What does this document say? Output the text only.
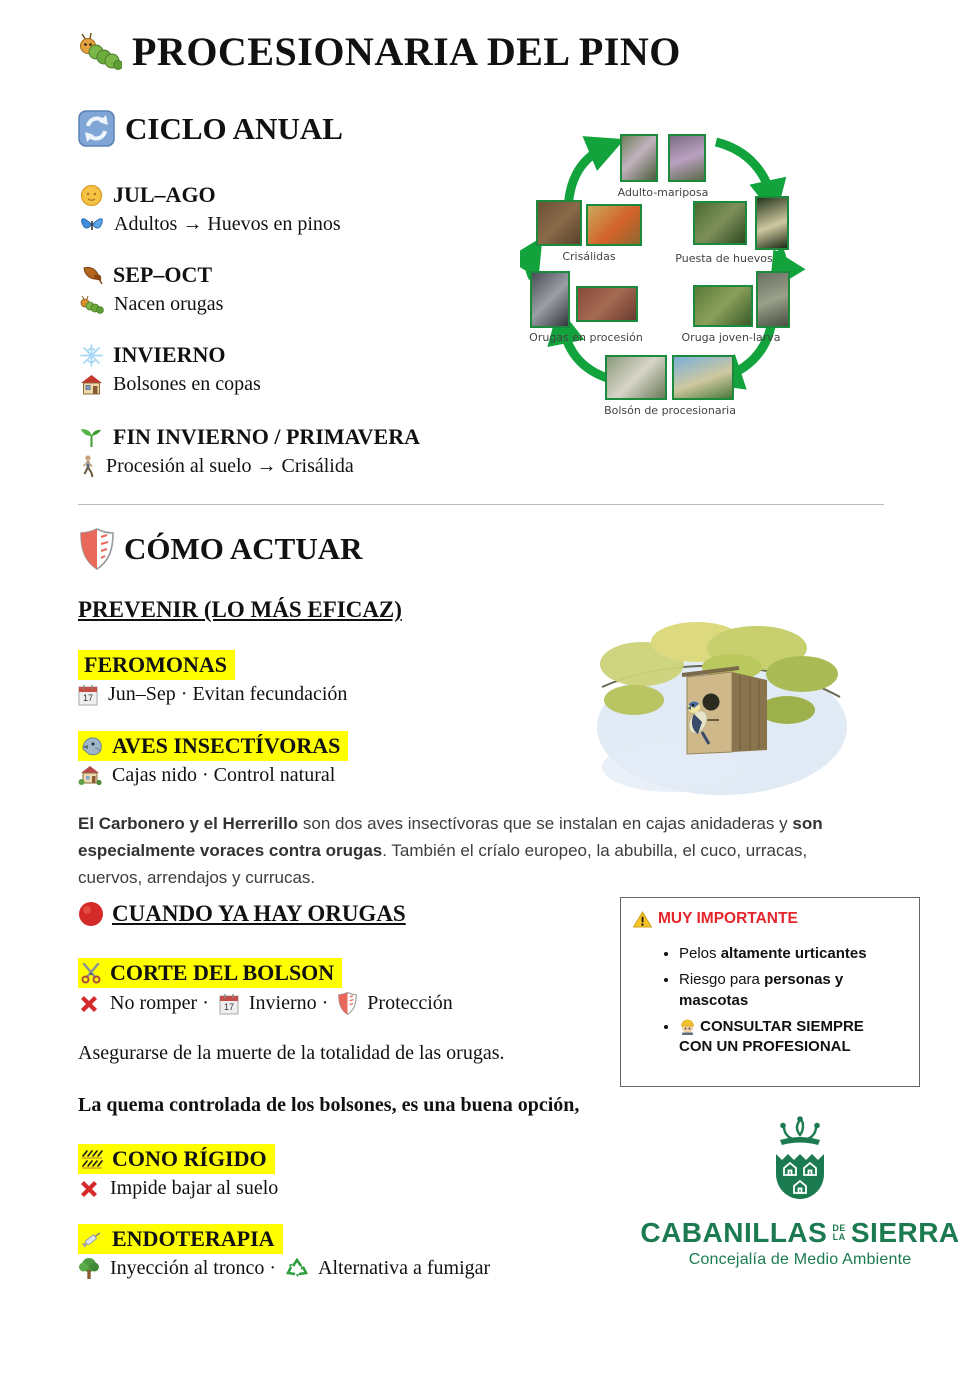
PROCESIONARIA DEL PINO
CICLO ANUAL
JUL–AGO
Adultos → Huevos en pinos
SEP–OCT
Nacen orugas
INVIERNO
Bolsones en copas
FIN INVIERNO / PRIMAVERA
Procesión al suelo → Crisálida
Adulto-mariposa
Crisálidas	Puesta de huevos
Orugas en procesión	Oruga joven-larva
Bolsón de procesionaria
CÓMO ACTUAR
PREVENIR (LO MÁS EFICAZ)
FEROMONAS
17 Jun–Sep · Evitan fecundación
AVES INSECTÍVORAS
Cajas nido · Control natural
El Carbonero y el Herrerillo son dos aves insectívoras que se instalan en cajas anidaderas y son especialmente voraces contra orugas. También el críalo europeo, la abubilla, el cuco, urracas, cuervos, arrendajos y currucas.
CUANDO YA HAY ORUGAS
CORTE DEL BOLSON
No romper · 17 Invierno · Protección
Asegurarse de la muerte de la totalidad de las orugas.
La quema controlada de los bolsones, es una buena opción,
MUY IMPORTANTE
• Pelos altamente urticantes
• Riesgo para personas y mascotas
• CONSULTAR SIEMPRE CON UN PROFESIONAL
CONO RÍGIDO
Impide bajar al suelo
ENDOTERAPIA
Inyección al tronco · Alternativa a fumigar
CABANILLAS DE
LA SIERRA
Concejalía de Medio Ambiente
